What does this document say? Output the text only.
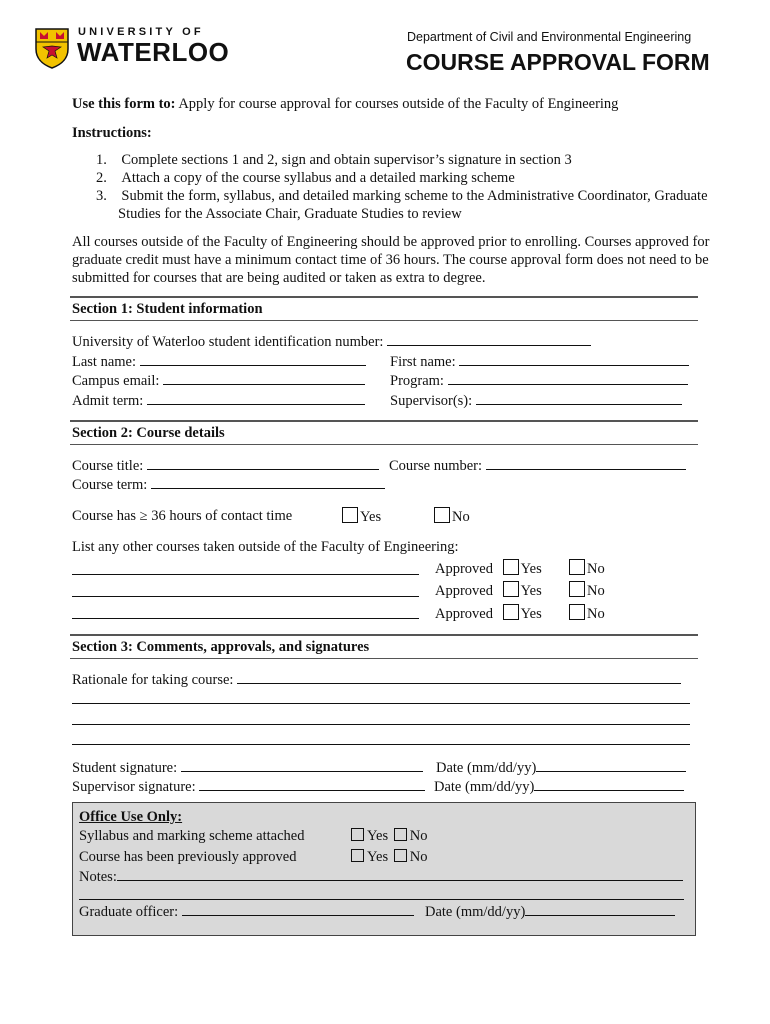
UNIVERSITY OF
WATERLOO	Department of Civil and Environmental Engineering
COURSE APPROVAL FORM
Use this form to: Apply for course approval for courses outside of the Faculty of Engineering
Instructions:
1.    Complete sections 1 and 2, sign and obtain supervisor’s signature in section 3
2.    Attach a copy of the course syllabus and a detailed marking scheme
3.    Submit the form, syllabus, and detailed marking scheme to the Administrative Coordinator, Graduate
Studies for the Associate Chair, Graduate Studies to review
All courses outside of the Faculty of Engineering should be approved prior to enrolling. Courses approved for
graduate credit must have a minimum contact time of 36 hours. The course approval form does not need to be
submitted for courses that are being audited or taken as extra to degree.
Section 1: Student information
University of Waterloo student identification number:
Last name:	First name:
Campus email:	Program:
Admit term:	Supervisor(s):
Section 2: Course details
Course title:	Course number:
Course term:
Course has ≥ 36 hours of contact time	Yes	No
List any other courses taken outside of the Faculty of Engineering:
Approved Yes	No
Approved Yes	No
Approved Yes	No
Section 3: Comments, approvals, and signatures
Rationale for taking course:
Student signature:	Date (mm/dd/yy)
Supervisor signature:	Date (mm/dd/yy)
Office Use Only:
Syllabus and marking scheme attached	Yes No
Course has been previously approved	Yes No
Notes:
Graduate officer:	Date (mm/dd/yy)
